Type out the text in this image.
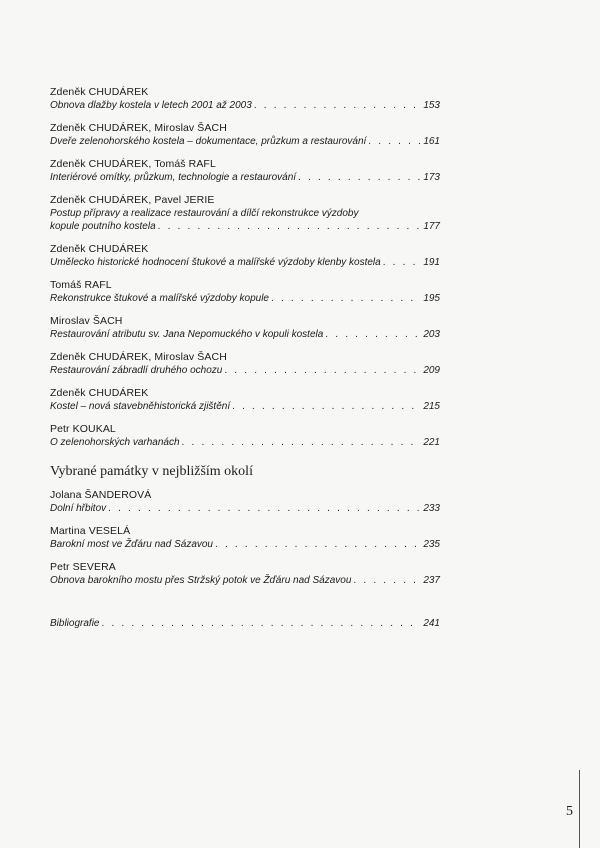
Zdeněk CHUDÁREK
Obnova dlažby kostela v letech 2001 až 2003 . . .	153
Zdeněk CHUDÁREK, Miroslav ŠACH
Dveře zelenohorského kostela – dokumentace, průzkum a restaurování . . .	161
Zdeněk CHUDÁREK, Tomáš RAFL
Interiérové omítky, průzkum, technologie a restaurování . . .	173
Zdeněk CHUDÁREK, Pavel JERIE
Postup přípravy a realizace restaurování a dílčí rekonstrukce výzdoby
kopule poutního kostela . . .	177
Zdeněk CHUDÁREK
Umělecko historické hodnocení štukové a malířské výzdoby klenby kostela . . .	191
Tomáš RAFL
Rekonstrukce štukové a malířské výzdoby kopule . . .	195
Miroslav ŠACH
Restaurování atributu sv. Jana Nepomuckého v kopuli kostela . . .	203
Zdeněk CHUDÁREK, Miroslav ŠACH
Restaurování zábradlí druhého ochozu . . .	209
Zdeněk CHUDÁREK
Kostel – nová stavebněhistorická zjištění . . .	215
Petr KOUKAL
O zelenohorských varhanách . . .	221
Vybrané památky v nejbližším okolí
Jolana ŠANDEROVÁ
Dolní hřbitov . . .	233
Martina VESELÁ
Barokní most ve Žďáru nad Sázavou . . .	235
Petr SEVERA
Obnova barokního mostu přes Stržský potok ve Žďáru nad Sázavou . . .	237
Bibliografie . . .	241
5
